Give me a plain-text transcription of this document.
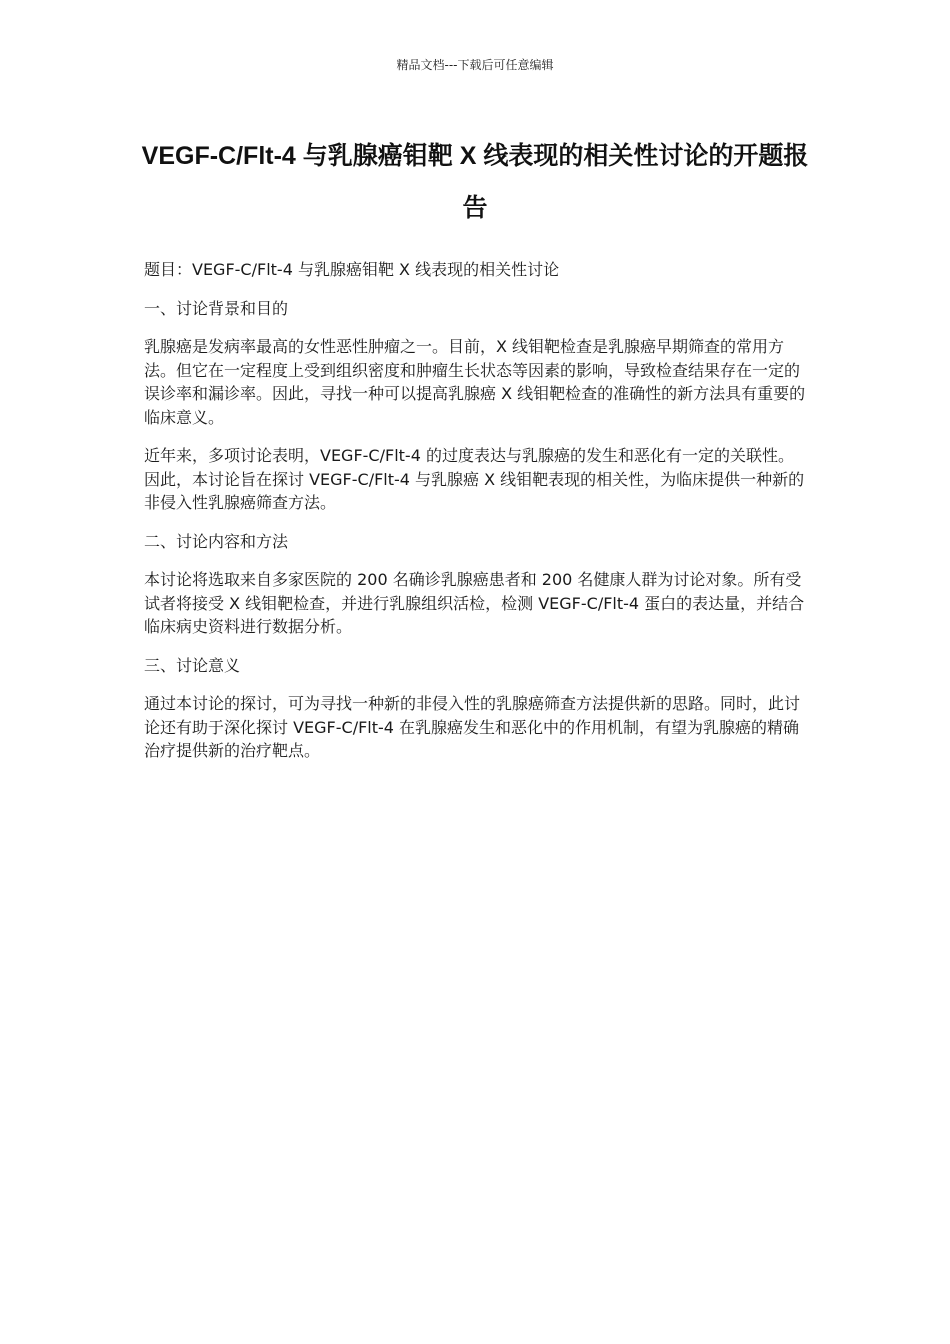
精品文档---下载后可任意编辑
VEGF-C/Flt-4 与乳腺癌钼靶 X 线表现的相关性讨论的开题报告

题目：VEGF-C/Flt-4 与乳腺癌钼靶 X 线表现的相关性讨论

一、讨论背景和目的

乳腺癌是发病率最高的女性恶性肿瘤之一。目前，X 线钼靶检查是乳腺癌早期筛查的常用方法。但它在一定程度上受到组织密度和肿瘤生长状态等因素的影响，导致检查结果存在一定的误诊率和漏诊率。因此，寻找一种可以提高乳腺癌 X 线钼靶检查的准确性的新方法具有重要的临床意义。

近年来，多项讨论表明，VEGF-C/Flt-4 的过度表达与乳腺癌的发生和恶化有一定的关联性。因此，本讨论旨在探讨 VEGF-C/Flt-4 与乳腺癌 X 线钼靶表现的相关性，为临床提供一种新的非侵入性乳腺癌筛查方法。

二、讨论内容和方法

本讨论将选取来自多家医院的 200 名确诊乳腺癌患者和 200 名健康人群为讨论对象。所有受试者将接受 X 线钼靶检查，并进行乳腺组织活检，检测 VEGF-C/Flt-4 蛋白的表达量，并结合临床病史资料进行数据分析。

三、讨论意义

通过本讨论的探讨，可为寻找一种新的非侵入性的乳腺癌筛查方法提供新的思路。同时，此讨论还有助于深化探讨 VEGF-C/Flt-4 在乳腺癌发生和恶化中的作用机制，有望为乳腺癌的精确治疗提供新的治疗靶点。
